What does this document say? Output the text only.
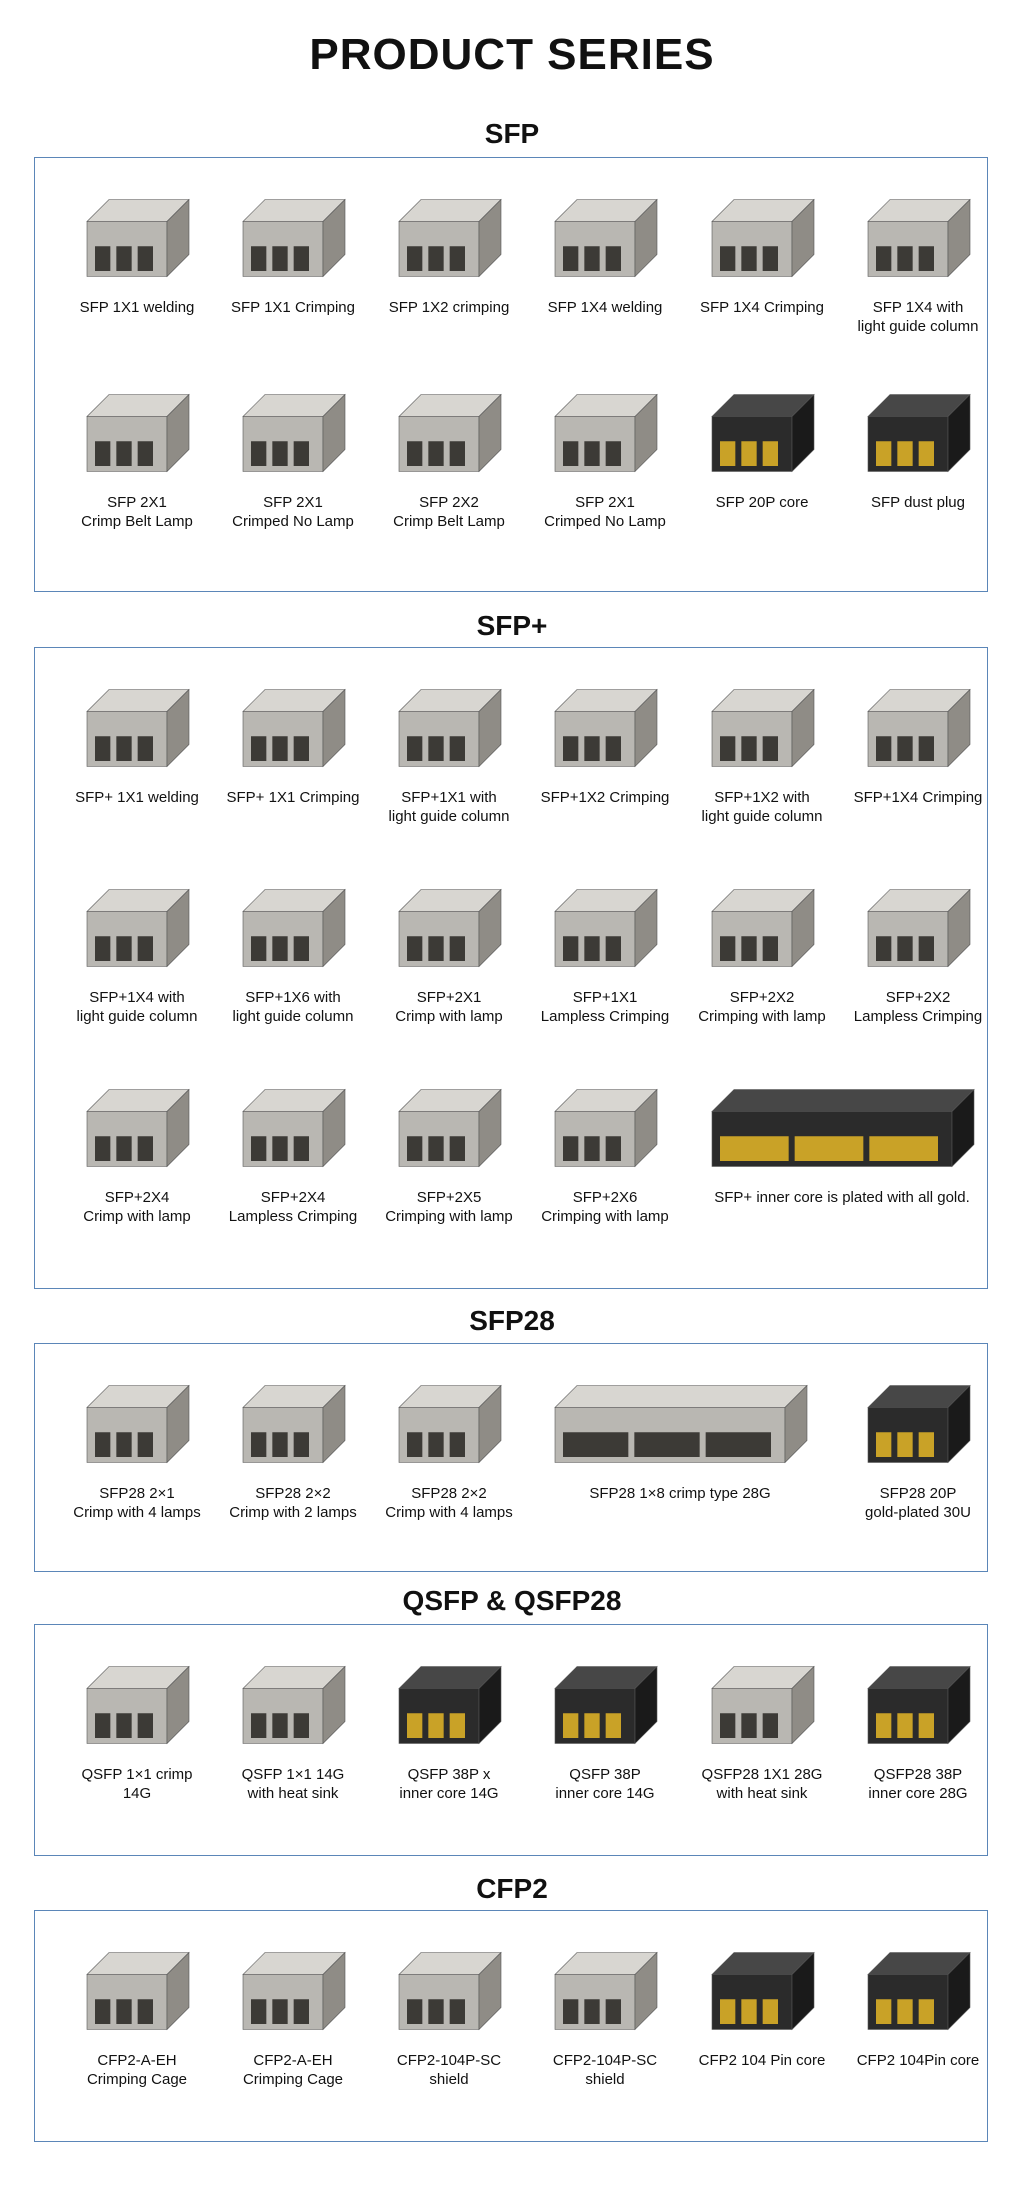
PRODUCT SERIES
SFP
SFP 1X1 welding	SFP 1X1 Crimping	SFP 1X2 crimping	SFP 1X4 welding	SFP 1X4 Crimping	SFP 1X4 with
light guide column
SFP 2X1
Crimp Belt Lamp
SFP 2X1
Crimped No Lamp
SFP 2X2
Crimp Belt Lamp
SFP 2X1
Crimped No Lamp
SFP 20P core	SFP dust plug
SFP+
SFP+ 1X1 welding	SFP+ 1X1 Crimping	SFP+1X1 with
light guide column
SFP+1X2 Crimping	SFP+1X2 with
light guide column
SFP+1X4 Crimping
SFP+1X4 with
light guide column
SFP+1X6 with
light guide column
SFP+2X1
Crimp with lamp
SFP+1X1
Lampless Crimping
SFP+2X2
Crimping with lamp
SFP+2X2
Lampless Crimping
SFP+2X4
Crimp with lamp
SFP+2X4
Lampless Crimping
SFP+2X5
Crimping with lamp
SFP+2X6
Crimping with lamp
SFP+ inner core is plated with all gold.
SFP28
SFP28 2×1
Crimp with 4 lamps
SFP28 2×2
Crimp with 2 lamps
SFP28 2×2
Crimp with 4 lamps
SFP28 1×8 crimp type 28G	SFP28 20P
gold-plated 30U
QSFP & QSFP28
QSFP 1×1 crimp
14G
QSFP 1×1 14G
with heat sink
QSFP 38P x
inner core 14G
QSFP 38P
inner core 14G
QSFP28 1X1 28G
with heat sink
QSFP28 38P
inner core 28G
CFP2
CFP2-A-EH
Crimping Cage
CFP2-A-EH
Crimping Cage
CFP2-104P-SC
shield
CFP2-104P-SC
shield
CFP2 104 Pin core	CFP2 104Pin core
